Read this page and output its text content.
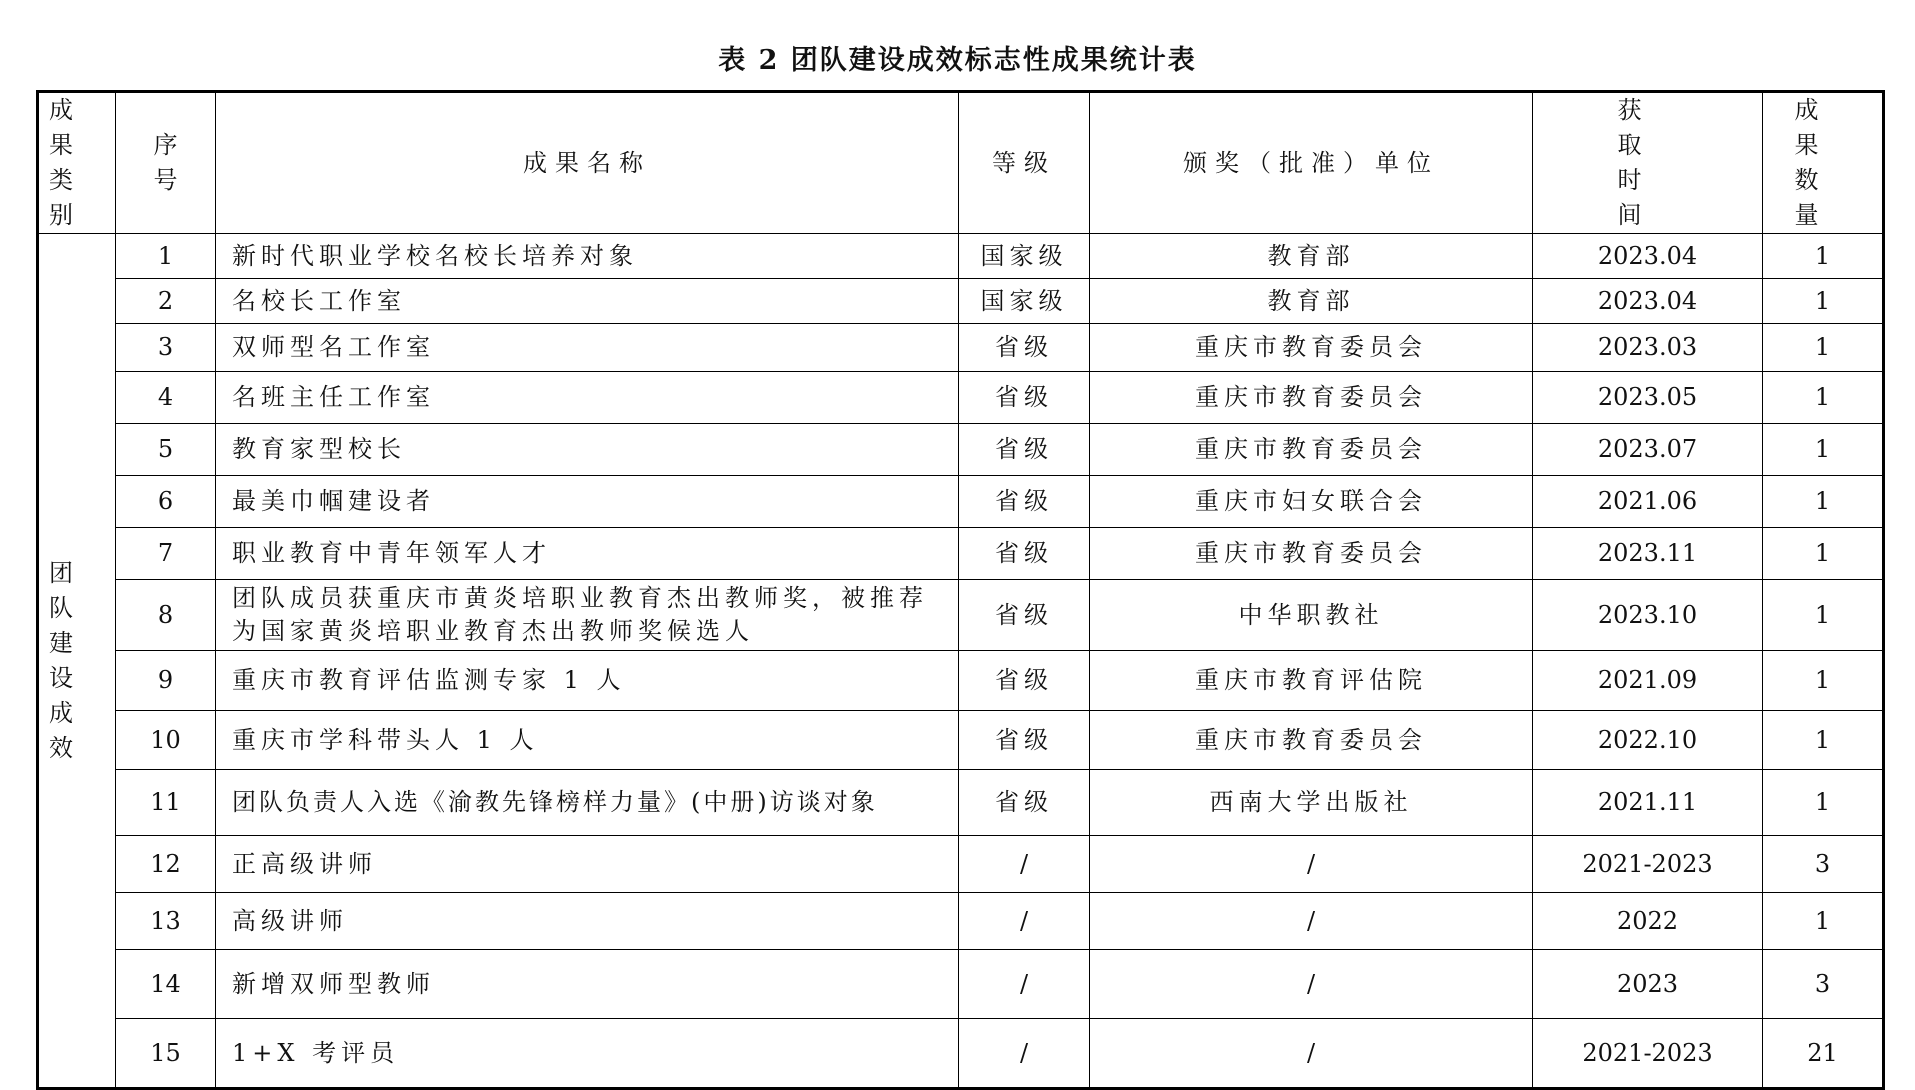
表 2 团队建设成效标志性成果统计表
成果类别	序号	成果名称	等级	颁奖（批准）单位	获取时间	成果数量
团队建设成效	1	新时代职业学校名校长培养对象	国家级	教育部	2023.04	1
	2	名校长工作室	国家级	教育部	2023.04	1
	3	双师型名工作室	省级	重庆市教育委员会	2023.03	1
	4	名班主任工作室	省级	重庆市教育委员会	2023.05	1
	5	教育家型校长	省级	重庆市教育委员会	2023.07	1
	6	最美巾帼建设者	省级	重庆市妇女联合会	2021.06	1
	7	职业教育中青年领军人才	省级	重庆市教育委员会	2023.11	1
	8	团队成员获重庆市黄炎培职业教育杰出教师奖，被推荐为国家黄炎培职业教育杰出教师奖候选人	省级	中华职教社	2023.10	1
	9	重庆市教育评估监测专家 1 人	省级	重庆市教育评估院	2021.09	1
	10	重庆市学科带头人 1 人	省级	重庆市教育委员会	2022.10	1
	11	团队负责人入选《渝教先锋榜样力量》(中册)访谈对象	省级	西南大学出版社	2021.11	1
	12	正高级讲师	/	/	2021-2023	3
	13	高级讲师	/	/	2022	1
	14	新增双师型教师	/	/	2023	3
	15	1+X 考评员	/	/	2021-2023	21
